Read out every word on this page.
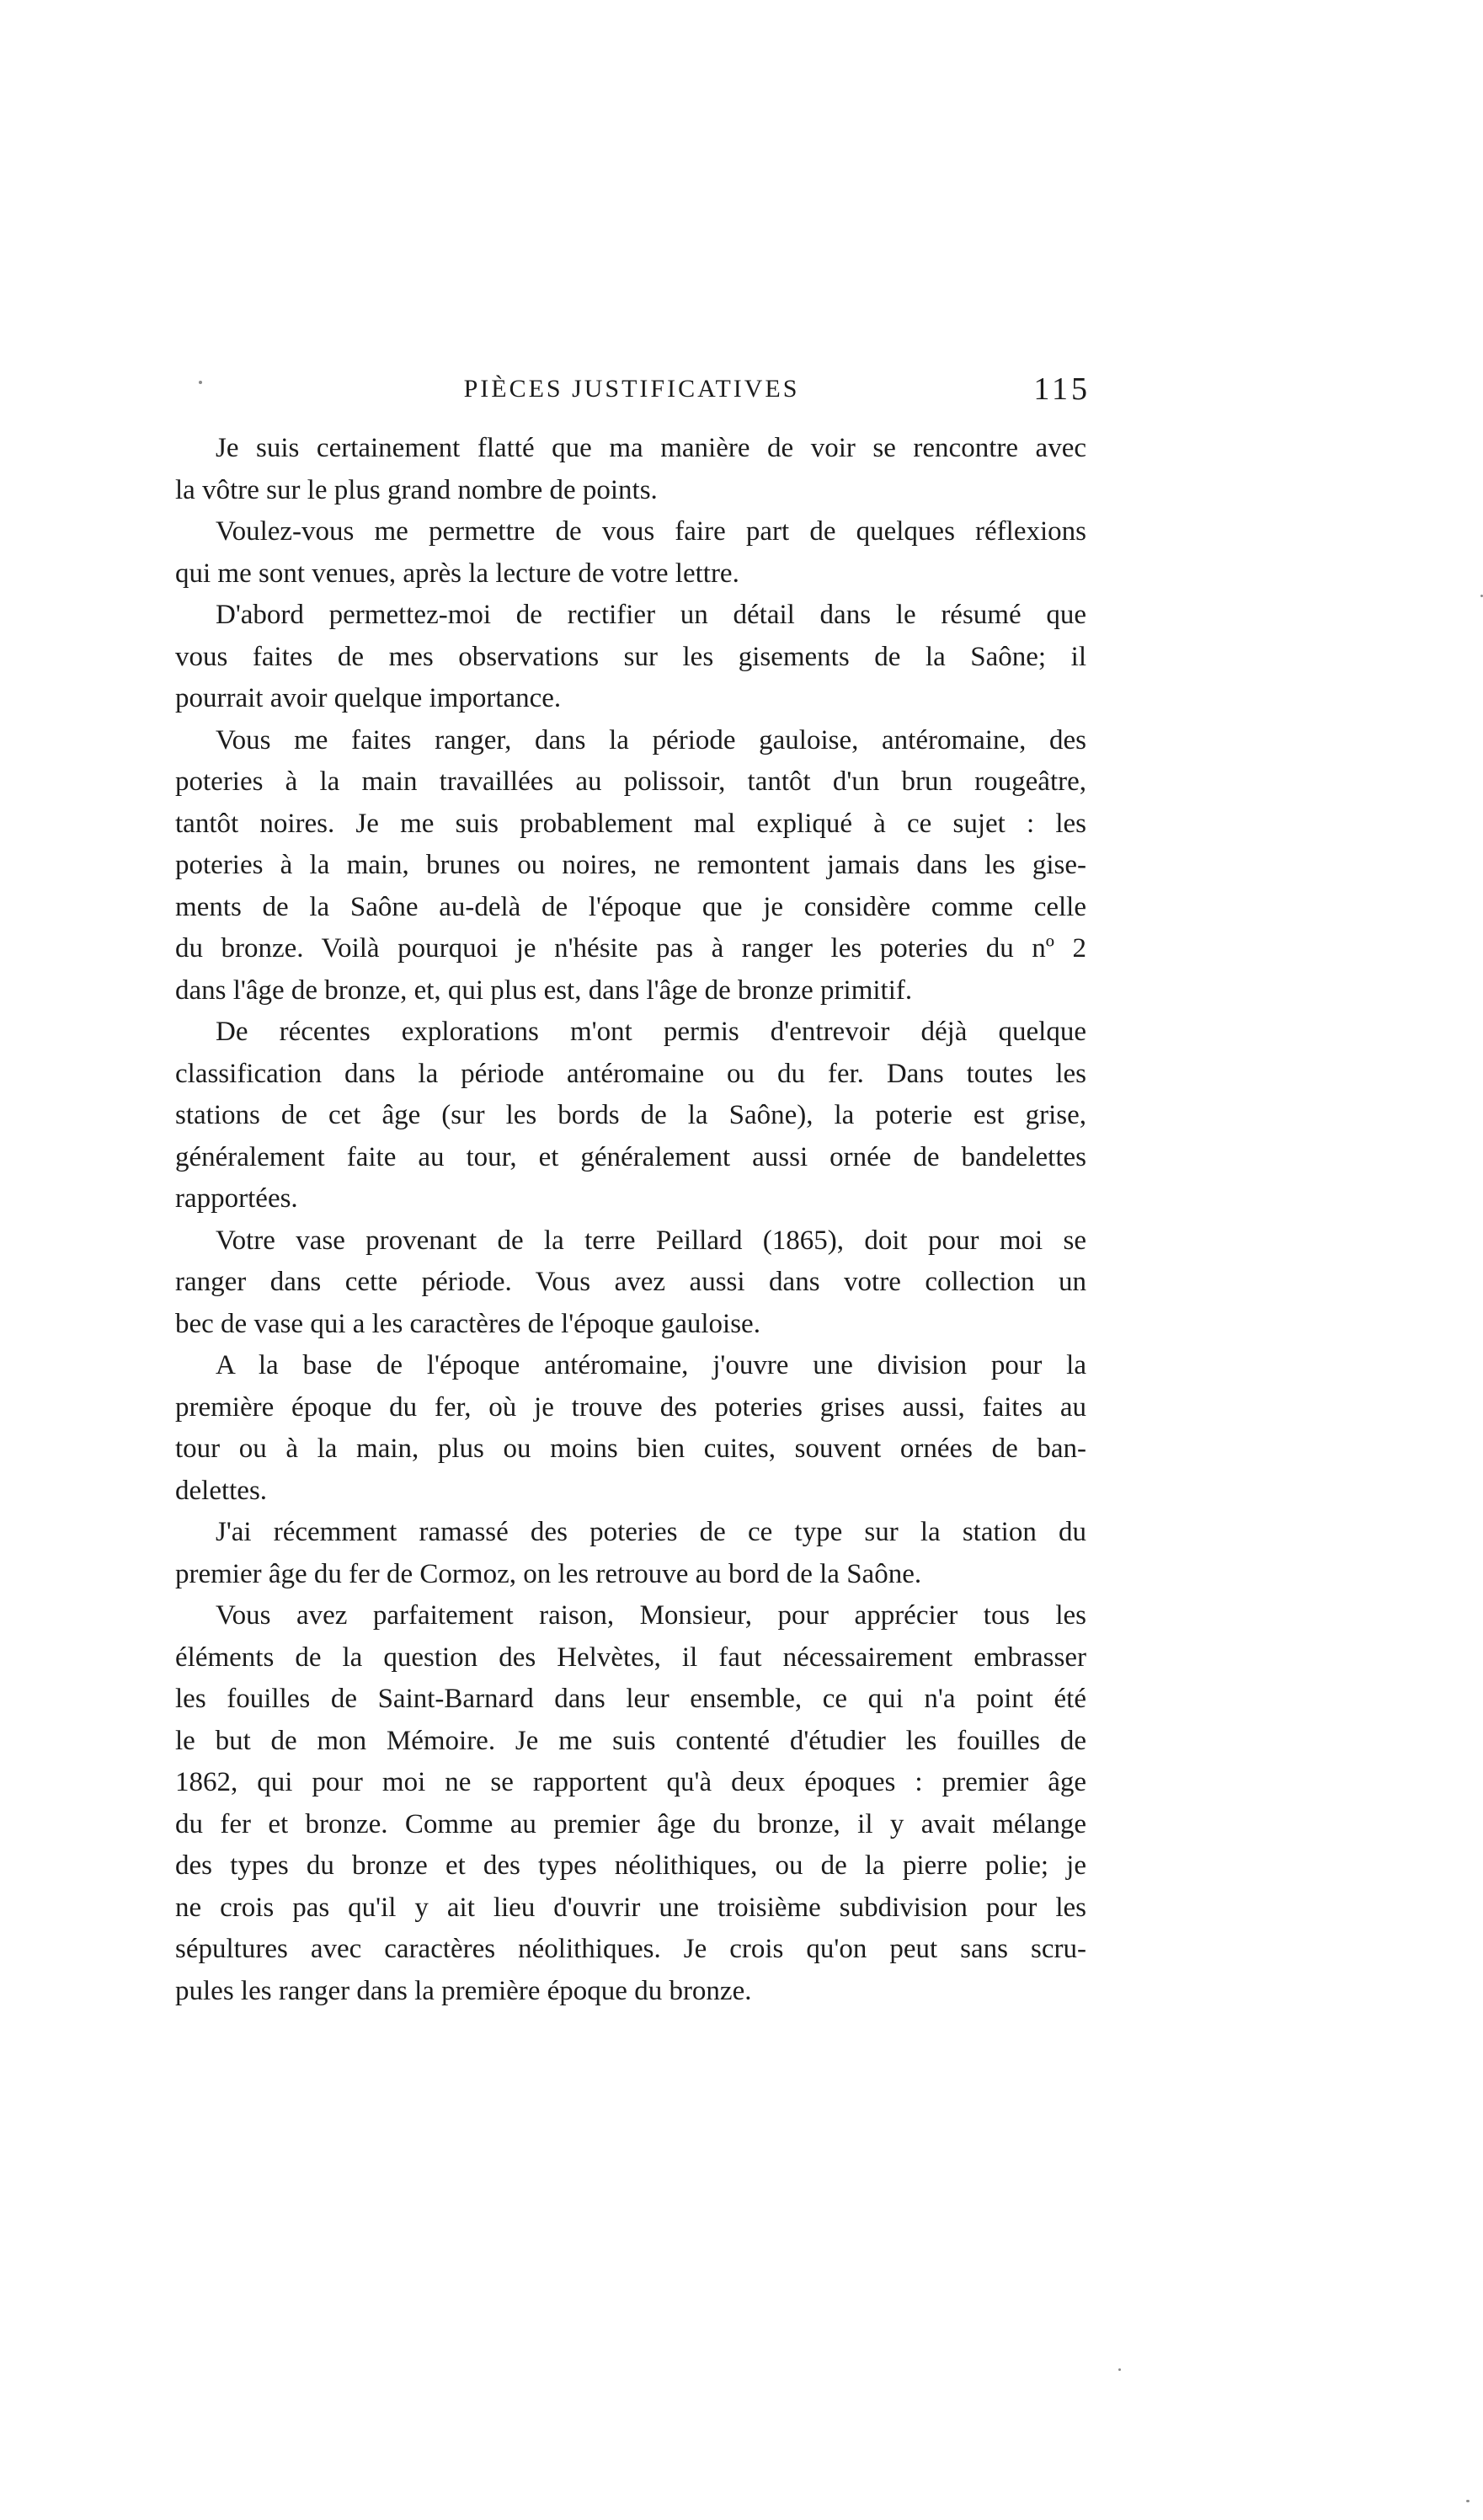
PIÈCES JUSTIFICATIVES	115

Je suis certainement flatté que ma manière de voir se rencontre avec
la vôtre sur le plus grand nombre de points.

Voulez-vous me permettre de vous faire part de quelques réflexions
qui me sont venues, après la lecture de votre lettre.

D'abord permettez-moi de rectifier un détail dans le résumé que
vous faites de mes observations sur les gisements de la Saône; il
pourrait avoir quelque importance.

Vous me faites ranger, dans la période gauloise, antéromaine, des
poteries à la main travaillées au polissoir, tantôt d'un brun rougeâtre,
tantôt noires. Je me suis probablement mal expliqué à ce sujet : les
poteries à la main, brunes ou noires, ne remontent jamais dans les gise-
ments de la Saône au-delà de l'époque que je considère comme celle
du bronze. Voilà pourquoi je n'hésite pas à ranger les poteries du nº 2
dans l'âge de bronze, et, qui plus est, dans l'âge de bronze primitif.

De récentes explorations m'ont permis d'entrevoir déjà quelque
classification dans la période antéromaine ou du fer. Dans toutes les
stations de cet âge (sur les bords de la Saône), la poterie est grise,
généralement faite au tour, et généralement aussi ornée de bandelettes
rapportées.

Votre vase provenant de la terre Peillard (1865), doit pour moi se
ranger dans cette période. Vous avez aussi dans votre collection un
bec de vase qui a les caractères de l'époque gauloise.

A la base de l'époque antéromaine, j'ouvre une division pour la
première époque du fer, où je trouve des poteries grises aussi, faites au
tour ou à la main, plus ou moins bien cuites, souvent ornées de ban-
delettes.

J'ai récemment ramassé des poteries de ce type sur la station du
premier âge du fer de Cormoz, on les retrouve au bord de la Saône.

Vous avez parfaitement raison, Monsieur, pour apprécier tous les
éléments de la question des Helvètes, il faut nécessairement embrasser
les fouilles de Saint-Barnard dans leur ensemble, ce qui n'a point été
le but de mon Mémoire. Je me suis contenté d'étudier les fouilles de
1862, qui pour moi ne se rapportent qu'à deux époques : premier âge
du fer et bronze. Comme au premier âge du bronze, il y avait mélange
des types du bronze et des types néolithiques, ou de la pierre polie; je
ne crois pas qu'il y ait lieu d'ouvrir une troisième subdivision pour les
sépultures avec caractères néolithiques. Je crois qu'on peut sans scru-
pules les ranger dans la première époque du bronze.
